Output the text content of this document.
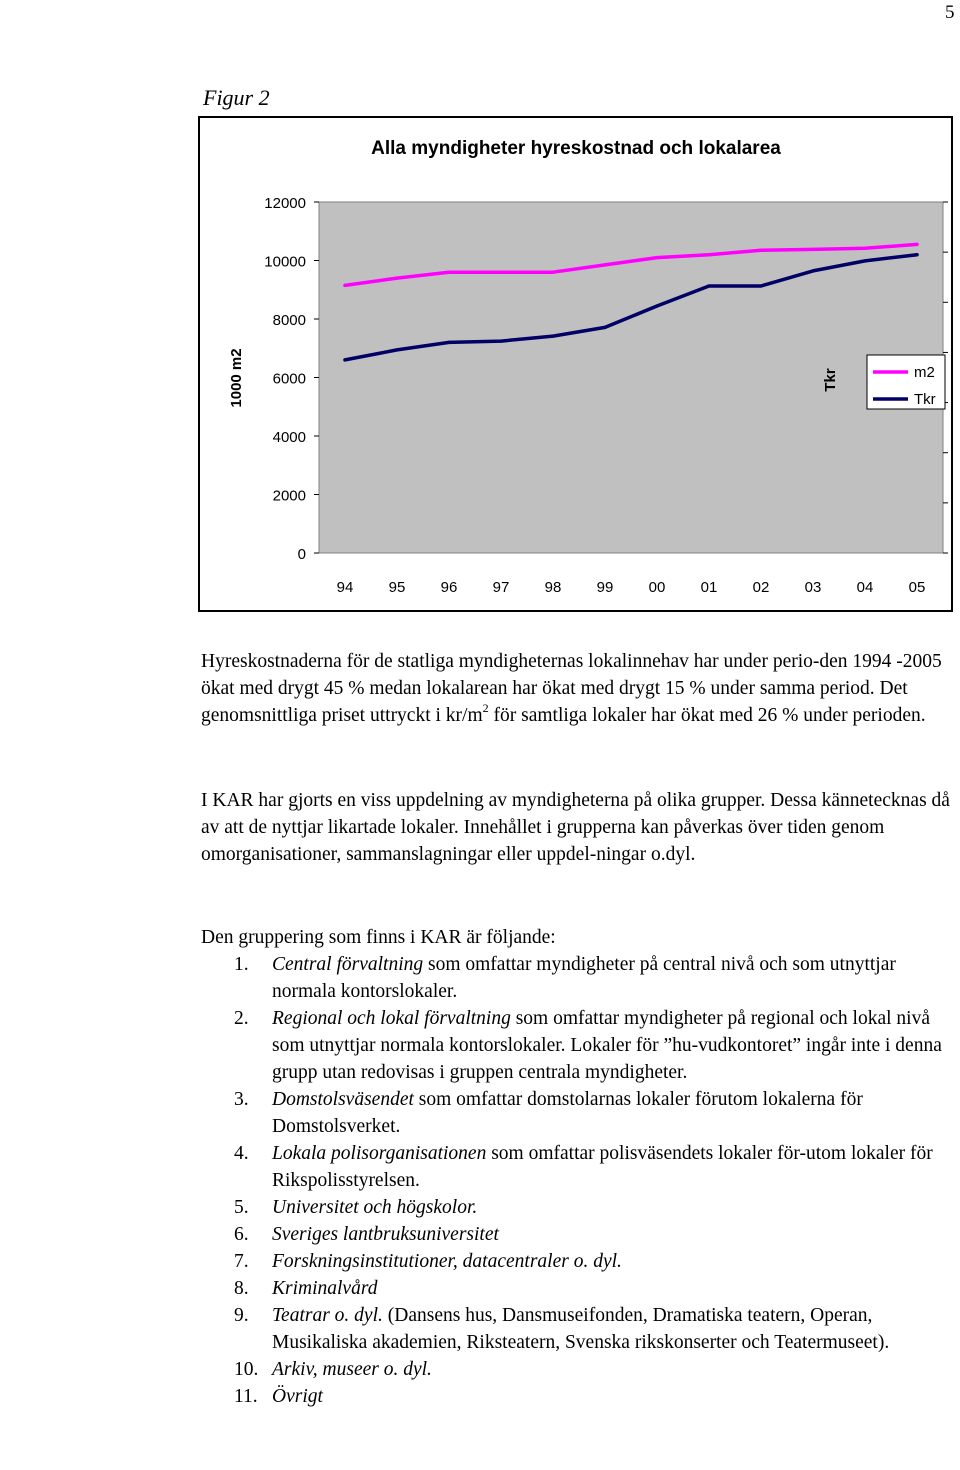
5
Figur 2
Alla myndigheter hyreskostnad och lokalarea
0
2000
4000
6000
8000
10000
12000
94 95 96 97 98 99 00 01 02 03 04 05
1000 m2	Tkr	m2
Tkr

Hyreskostnaderna för de statliga myndigheternas lokalinnehav har under perio-den 1994 -2005 ökat med drygt 45 % medan lokalarean har ökat med drygt 15 % under samma period. Det genomsnittliga priset uttryckt i $kr/m^2$ för samtliga lokaler har ökat med 26 % under perioden.

I KAR har gjorts en viss uppdelning av myndigheterna på olika grupper. Dessa kännetecknas då av att de nyttjar likartade lokaler. Innehållet i grupperna kan påverkas över tiden genom omorganisationer, sammanslagningar eller uppdel-ningar o.dyl.

Den gruppering som finns i KAR är följande:

1. Central förvaltning som omfattar myndigheter på central nivå och som utnyttjar normala kontorslokaler.
2. Regional och lokal förvaltning som omfattar myndigheter på regional och lokal nivå som utnyttjar normala kontorslokaler. Lokaler för ”hu-vudkontoret” ingår inte i denna grupp utan redovisas i gruppen centrala myndigheter.
3. Domstolsväsendet som omfattar domstolarnas lokaler förutom lokalerna för Domstolsverket.
4. Lokala polisorganisationen som omfattar polisväsendets lokaler för-utom lokaler för Rikspolisstyrelsen.
5. Universitet och högskolor.
6. Sveriges lantbruksuniversitet
7. Forskningsinstitutioner, datacentraler o. dyl.
8. Kriminalvård
9. Teatrar o. dyl. (Dansens hus, Dansmuseifonden, Dramatiska teatern, Operan, Musikaliska akademien, Riksteatern, Svenska rikskonserter och Teatermuseet).
10. Arkiv, museer o. dyl.
11. Övrigt
